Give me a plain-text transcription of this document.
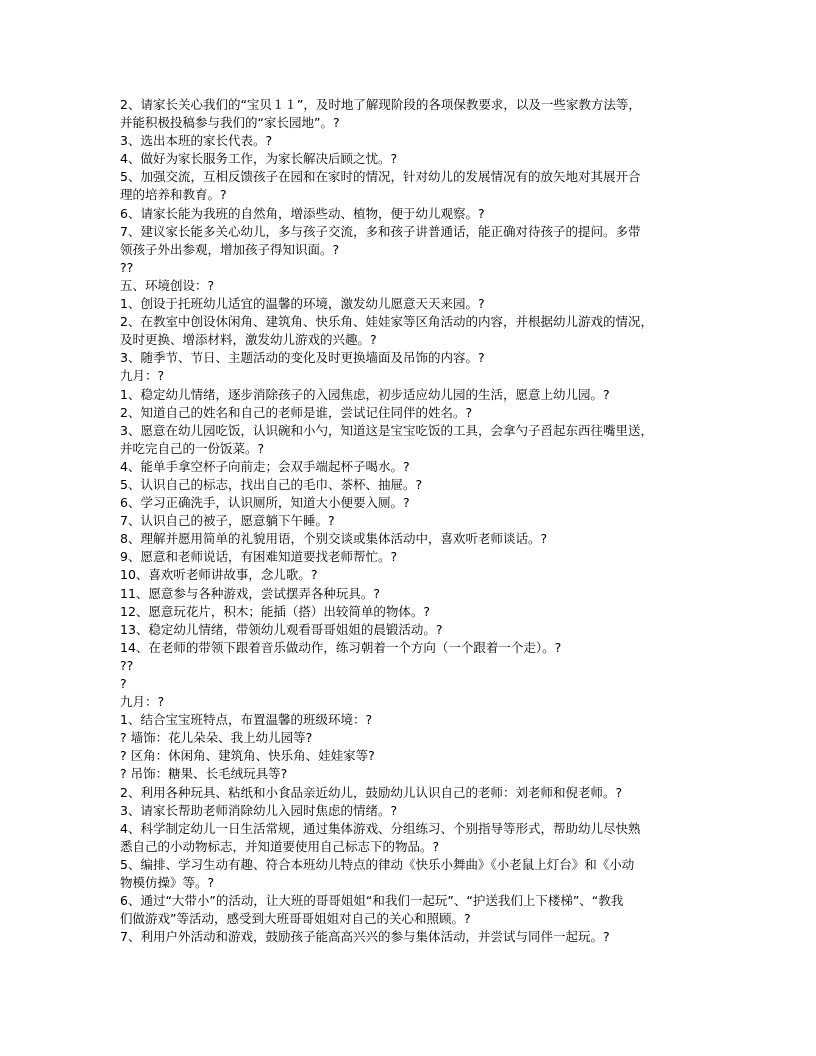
2、请家长关心我们的“宝贝１１”，及时地了解现阶段的各项保教要求，以及一些家教方法等，
并能积极投稿参与我们的“家长园地”。?
3、选出本班的家长代表。?
4、做好为家长服务工作，为家长解决后顾之忧。?
5、加强交流，互相反馈孩子在园和在家时的情况，针对幼儿的发展情况有的放矢地对其展开合
理的培养和教育。?
6、请家长能为我班的自然角，增添些动、植物，便于幼儿观察。?
7、建议家长能多关心幼儿，多与孩子交流，多和孩子讲普通话，能正确对待孩子的提问。多带
领孩子外出参观，增加孩子得知识面。?
??
五、环境创设：?
1、创设于托班幼儿适宜的温馨的环境，激发幼儿愿意天天来园。?
2、在教室中创设休闲角、建筑角、快乐角、娃娃家等区角活动的内容，并根据幼儿游戏的情况，
及时更换、增添材料，激发幼儿游戏的兴趣。?
3、随季节、节日、主题活动的变化及时更换墙面及吊饰的内容。?
九月：?
1、稳定幼儿情绪，逐步消除孩子的入园焦虑，初步适应幼儿园的生活，愿意上幼儿园。?
2、知道自己的姓名和自己的老师是谁，尝试记住同伴的姓名。?
3、愿意在幼儿园吃饭，认识碗和小勺，知道这是宝宝吃饭的工具，会拿勺子舀起东西往嘴里送，
并吃完自己的一份饭菜。?
4、能单手拿空杯子向前走；会双手端起杯子喝水。?
5、认识自己的标志，找出自己的毛巾、茶杯、抽屉。?
6、学习正确洗手，认识厕所，知道大小便要入厕。?
7、认识自己的被子，愿意躺下午睡。?
8、理解并愿用简单的礼貌用语，个别交谈或集体活动中，喜欢听老师谈话。?
9、愿意和老师说话，有困难知道要找老师帮忙。?
10、喜欢听老师讲故事，念儿歌。?
11、愿意参与各种游戏，尝试摆弄各种玩具。?
12、愿意玩花片，积木；能插（搭）出较简单的物体。?
13、稳定幼儿情绪，带领幼儿观看哥哥姐姐的晨锻活动。?
14、在老师的带领下跟着音乐做动作，练习朝着一个方向（一个跟着一个走）。?
??
?
九月：?
1、结合宝宝班特点，布置温馨的班级环境：?
? 墙饰：花儿朵朵、我上幼儿园等?
? 区角：休闲角、建筑角、快乐角、娃娃家等?
? 吊饰：糖果、长毛绒玩具等?
2、利用各种玩具、粘纸和小食品亲近幼儿，鼓励幼儿认识自己的老师：刘老师和倪老师。?
3、请家长帮助老师消除幼儿入园时焦虑的情绪。?
4、科学制定幼儿一日生活常规，通过集体游戏、分组练习、个别指导等形式，帮助幼儿尽快熟
悉自己的小动物标志，并知道要使用自己标志下的物品。?
5、编排、学习生动有趣、符合本班幼儿特点的律动《快乐小舞曲》《小老鼠上灯台》和《小动
物模仿操》等。?
6、通过“大带小”的活动，让大班的哥哥姐姐“和我们一起玩”、“护送我们上下楼梯”、“教我
们做游戏”等活动，感受到大班哥哥姐姐对自己的关心和照顾。?
7、利用户外活动和游戏，鼓励孩子能高高兴兴的参与集体活动，并尝试与同伴一起玩。?
